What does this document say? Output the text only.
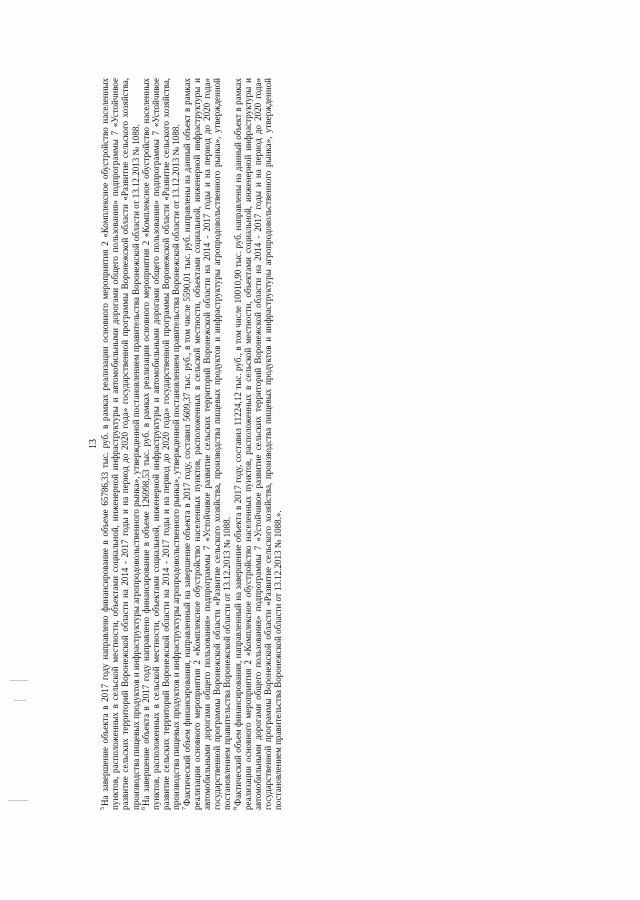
13

$^5$На завершение объекта в 2017 году направлено финансирование в объеме 65786,33 тыс. руб. в рамках реализации основного мероприятия 2 «Комплексное обустройство населенных пунктов, расположенных в сельской местности, объектами социальной, инженерной инфраструктуры и автомобильными дорогами общего пользования» подпрограммы 7 «Устойчивое развитие сельских территорий Воронежской области на 2014 - 2017 годы и на период до 2020 года» государственной программы Воронежской области «Развитие сельского хозяйства, производства пищевых продуктов и инфраструктуры агропродовольственного рынка», утвержденной постановлением правительства Воронежской области от 13.12.2013 № 1088. $^6$На завершение объекта в 2017 году направлено финансирование в объеме 126998,53 тыс. руб. в рамках реализации основного мероприятия 2 «Комплексное обустройство населенных пунктов, расположенных в сельской местности, объектами социальной, инженерной инфраструктуры и автомобильными дорогами общего пользования» подпрограммы 7 «Устойчивое развитие сельских территорий Воронежской области на 2014 - 2017 годы и на период до 2020 года» государственной программы Воронежской области «Развитие сельского хозяйства, производства пищевых продуктов и инфраструктуры агропродовольственного рынка», утвержденной постановлением правительства Воронежской области от 13.12.2013 № 1088. $^7$Фактический объем финансирования, направленный на завершение объекта в 2017 году, составил 5609,37 тыс. руб., в том числе 5590,01 тыс. руб. направлены на данный объект в рамках реализации основного мероприятия 2 «Комплексное обустройство населенных пунктов, расположенных в сельской местности, объектами социальной, инженерной инфраструктуры и автомобильными дорогами общего пользования» подпрограммы 7 «Устойчивое развитие сельских территорий Воронежской области на 2014 - 2017 годы и на период до 2020 года» государственной программы Воронежской области «Развитие сельского хозяйства, производства пищевых продуктов и инфраструктуры агропродовольственного рынка», утвержденной постановлением правительства Воронежской области от 13.12.2013 № 1088. $^8$Фактический объем финансирования, направленный на завершение объекта в 2017 году, составил 11224,12 тыс. руб., в том числе 10010,90 тыс. руб. направлены на данный объект в рамках реализации основного мероприятия 2 «Комплексное обустройство населенных пунктов, расположенных в сельской местности, объектами социальной, инженерной инфраструктуры и автомобильными дорогами общего пользования» подпрограммы 7 «Устойчивое развитие сельских территорий Воронежской области на 2014 - 2017 годы и на период до 2020 года» государственной программы Воронежской области «Развитие сельского хозяйства, производства пищевых продуктов и инфраструктуры агропродовольственного рынка», утвержденной постановлением правительства Воронежской области от 13.12.2013 № 1088.».
